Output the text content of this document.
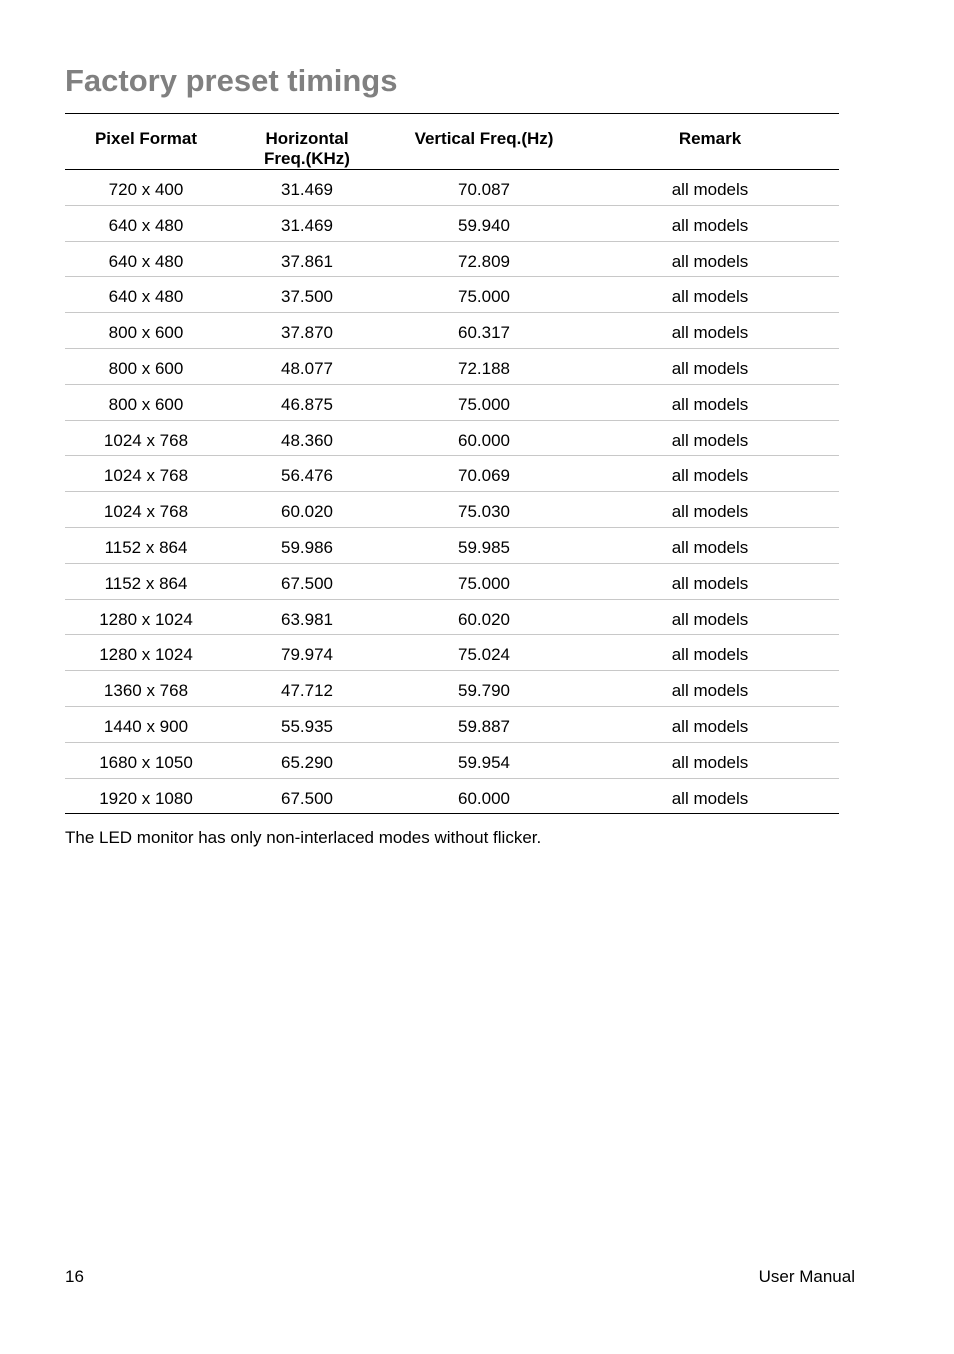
Factory preset timings
Pixel Format	Horizontal
Freq.(KHz)	Vertical Freq.(Hz)	Remark
720 x 400	31.469	70.087	all models
640 x 480	31.469	59.940	all models
640 x 480	37.861	72.809	all models
640 x 480	37.500	75.000	all models
800 x 600	37.870	60.317	all models
800 x 600	48.077	72.188	all models
800 x 600	46.875	75.000	all models
1024 x 768	48.360	60.000	all models
1024 x 768	56.476	70.069	all models
1024 x 768	60.020	75.030	all models
1152 x 864	59.986	59.985	all models
1152 x 864	67.500	75.000	all models
1280 x 1024	63.981	60.020	all models
1280 x 1024	79.974	75.024	all models
1360 x 768	47.712	59.790	all models
1440 x 900	55.935	59.887	all models
1680 x 1050	65.290	59.954	all models
1920 x 1080	67.500	60.000	all models

The LED monitor has only non-interlaced modes without flicker.

16	User Manual
